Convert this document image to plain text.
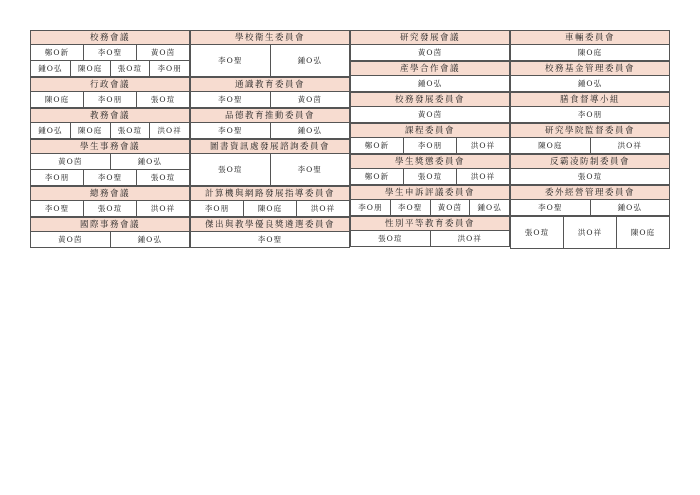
校務會議
鄭O新	李O聖	黃O茵
鍾O弘	陳O庭	張O瑄	李O朋
行政會議
陳O庭	李O朋	張O瑄
教務會議
鍾O弘	陳O庭	張O瑄	洪O祥
學生事務會議
黃O茵	鍾O弘
李O朋	李O聖	張O瑄
總務會議
李O聖	張O瑄	洪O祥
國際事務會議
黃O茵	鍾O弘
學校衛生委員會
李O聖	鍾O弘
通識教育委員會
李O聖	黃O茵
品德教育推動委員會
李O聖	鍾O弘
圖書資訊處發展諮詢委員會
張O瑄	李O聖
計算機與網路發展指導委員會
李O朋	陳O庭	洪O祥
傑出與教學優良獎遴選委員會
李O聖
研究發展會議
黃O茵
產學合作會議
鍾O弘
校務發展委員會
黃O茵
課程委員會
鄭O新	李O朋	洪O祥
學生獎懲委員會
鄭O新	張O瑄	洪O祥
學生申訴評議委員會
李O朋	李O聖	黃O茵	鍾O弘
性別平等教育委員會
張O瑄	洪O祥
車輛委員會
陳O庭
校務基金管理委員會
鍾O弘
膳食督導小組
李O朋
研究學院監督委員會
陳O庭	洪O祥
反霸凌防制委員會
張O瑄
委外經營管理委員會
李O聖	鍾O弘
張O瑄	洪O祥	陳O庭
